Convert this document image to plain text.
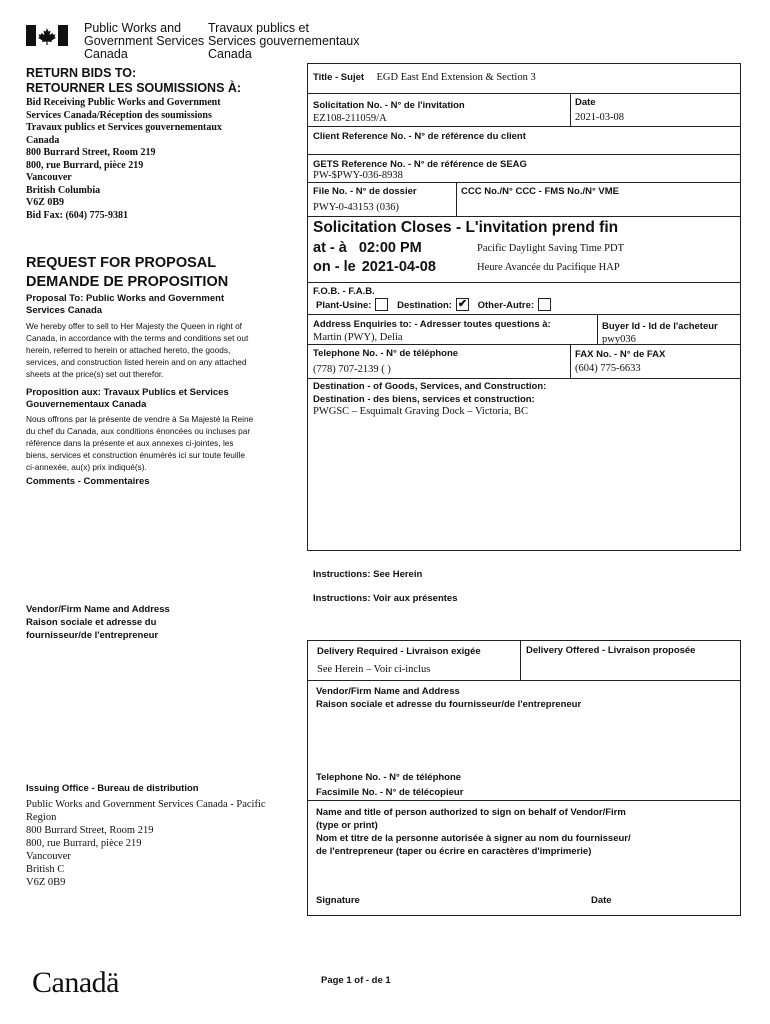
Public Works and
Government Services
Canada
Travaux publics et
Services gouvernementaux
Canada
RETURN BIDS TO:
RETOURNER LES SOUMISSIONS À:
Bid Receiving Public Works and Government
Services Canada/Réception des soumissions
Travaux publics et Services gouvernementaux
Canada
800 Burrard Street, Room 219
800, rue Burrard, pièce 219
Vancouver
British Columbia
V6Z 0B9
Bid Fax: (604) 775-9381
REQUEST FOR PROPOSAL
DEMANDE DE PROPOSITION
Proposal To: Public Works and Government Services Canada
We hereby offer to sell to Her Majesty the Queen in right of Canada, in accordance with the terms and conditions set out herein, referred to herein or attached hereto, the goods, services, and construction listed herein and on any attached sheets at the price(s) set out therefor.
Proposition aux: Travaux Publics et Services Gouvernementaux Canada
Nous offrons par la présente de vendre à Sa Majesté la Reine du chef du Canada, aux conditions énoncées ou incluses par référence dans la présente et aux annexes ci-jointes, les biens, services et construction énumérés ici sur toute feuille ci-annexée, au(x) prix indiqué(s).
Comments - Commentaires
Vendor/Firm Name and Address
Raison sociale et adresse du
fournisseur/de l'entrepreneur
Issuing Office - Bureau de distribution
Public Works and Government Services Canada - Pacific
Region
800 Burrard Street, Room 219
800, rue Burrard, pièce 219
Vancouver
British C
V6Z 0B9
Title - Sujet EGD East End Extension & Section 3
Solicitation No. - N° de l'invitation
EZ108-211059/A
Date
2021-03-08
Client Reference No. - N° de référence du client
GETS Reference No. - N° de référence de SEAG
PW-$PWY-036-8938
File No. - N° de dossier
PWY-0-43153 (036)
CCC No./N° CCC - FMS No./N° VME
Solicitation Closes - L'invitation prend fin
at - à 02:00 PM
on - le 2021-04-08
Pacific Daylight Saving Time PDT
Heure Avancée du Pacifique HAP
F.O.B. - F.A.B.
Plant-Usine:	Destination: ✔ Other-Autre:
Address Enquiries to: - Adresser toutes questions à:
Martin (PWY), Delia
Buyer Id - Id de l'acheteur
pwy036
Telephone No. - N° de téléphone
(778) 707-2139 ( )
FAX No. - N° de FAX
(604) 775-6633
Destination - of Goods, Services, and Construction:
Destination - des biens, services et construction:
PWGSC – Esquimalt Graving Dock – Victoria, BC
Instructions: See Herein
Instructions: Voir aux présentes
Delivery Required - Livraison exigée
See Herein – Voir ci-inclus
Delivery Offered - Livraison proposée
Vendor/Firm Name and Address
Raison sociale et adresse du fournisseur/de l'entrepreneur
Telephone No. - N° de téléphone
Facsimile No. - N° de télécopieur
Name and title of person authorized to sign on behalf of Vendor/Firm
(type or print)
Nom et titre de la personne autorisée à signer au nom du fournisseur/
de l'entrepreneur (taper ou écrire en caractères d'imprimerie)
Signature	Date
Canadä	Page 1 of - de 1
